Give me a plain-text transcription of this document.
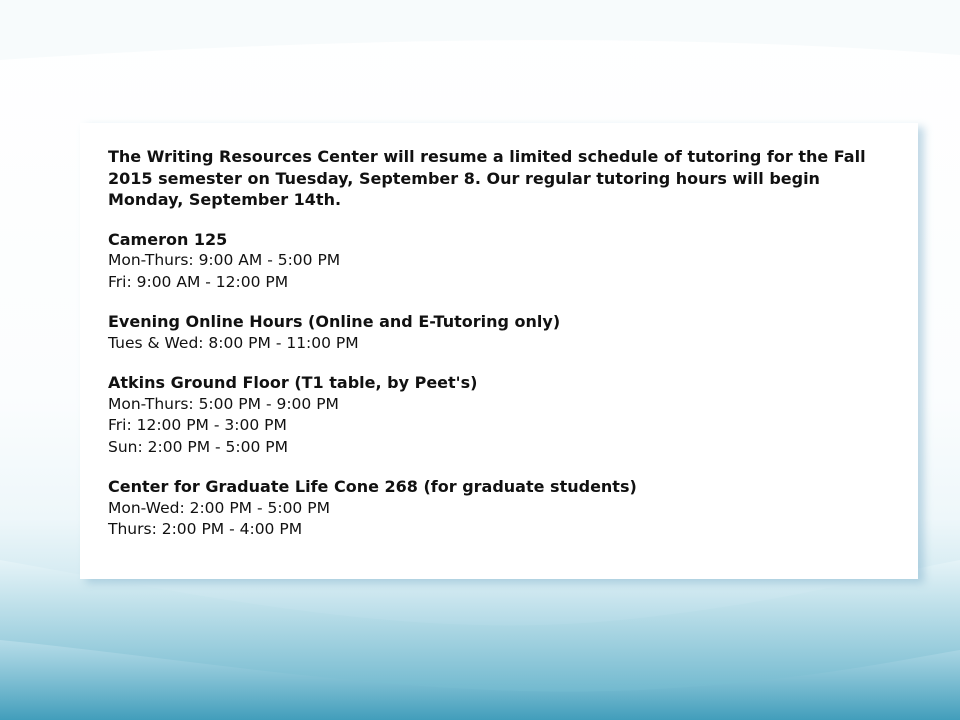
The Writing Resources Center will resume a limited schedule of tutoring for the Fall 2015 semester on Tuesday, September 8. Our regular tutoring hours will begin Monday, September 14th.

Cameron 125

Mon-Thurs: 9:00 AM - 5:00 PM

Fri: 9:00 AM - 12:00 PM

Evening Online Hours (Online and E-Tutoring only)

Tues & Wed: 8:00 PM - 11:00 PM

Atkins Ground Floor (T1 table, by Peet's)

Mon-Thurs: 5:00 PM - 9:00 PM

Fri: 12:00 PM - 3:00 PM

Sun: 2:00 PM - 5:00 PM

Center for Graduate Life Cone 268 (for graduate students)

Mon-Wed: 2:00 PM - 5:00 PM

Thurs: 2:00 PM - 4:00 PM
